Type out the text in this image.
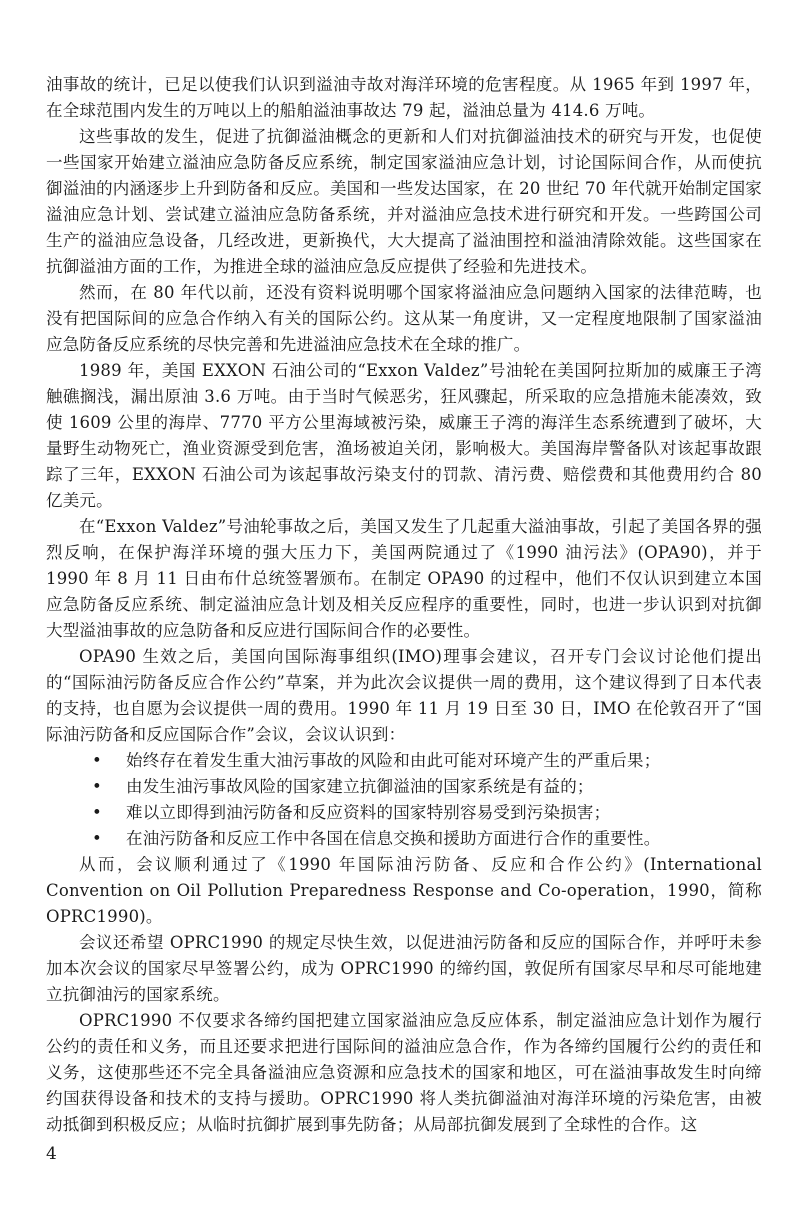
油事故的统计，已足以使我们认识到溢油寺故对海洋环境的危害程度。从 1965 年到 1997 年，在全球范围内发生的万吨以上的船舶溢油事故达 79 起，溢油总量为 414.6 万吨。

这些事故的发生，促进了抗御溢油概念的更新和人们对抗御溢油技术的研究与开发，也促使一些国家开始建立溢油应急防备反应系统，制定国家溢油应急计划，讨论国际间合作，从而使抗御溢油的内涵逐步上升到防备和反应。美国和一些发达国家，在 20 世纪 70 年代就开始制定国家溢油应急计划、尝试建立溢油应急防备系统，并对溢油应急技术进行研究和开发。一些跨国公司生产的溢油应急设备，几经改进，更新换代，大大提高了溢油围控和溢油清除效能。这些国家在抗御溢油方面的工作，为推进全球的溢油应急反应提供了经验和先进技术。

然而，在 80 年代以前，还没有资料说明哪个国家将溢油应急问题纳入国家的法律范畴，也没有把国际间的应急合作纳入有关的国际公约。这从某一角度讲，又一定程度地限制了国家溢油应急防备反应系统的尽快完善和先进溢油应急技术在全球的推广。

1989 年，美国 EXXON 石油公司的“Exxon Valdez”号油轮在美国阿拉斯加的威廉王子湾触礁搁浅，漏出原油 3.6 万吨。由于当时气候恶劣，狂风骤起，所采取的应急措施未能凑效，致使 1609 公里的海岸、7770 平方公里海域被污染，威廉王子湾的海洋生态系统遭到了破坏，大量野生动物死亡，渔业资源受到危害，渔场被迫关闭，影响极大。美国海岸警备队对该起事故跟踪了三年，EXXON 石油公司为该起事故污染支付的罚款、清污费、赔偿费和其他费用约合 80 亿美元。

在“Exxon Valdez”号油轮事故之后，美国又发生了几起重大溢油事故，引起了美国各界的强烈反响，在保护海洋环境的强大压力下，美国两院通过了《1990 油污法》(OPA90)，并于 1990 年 8 月 11 日由布什总统签署颁布。在制定 OPA90 的过程中，他们不仅认识到建立本国应急防备反应系统、制定溢油应急计划及相关反应程序的重要性，同时，也进一步认识到对抗御大型溢油事故的应急防备和反应进行国际间合作的必要性。

OPA90 生效之后，美国向国际海事组织(IMO)理事会建议，召开专门会议讨论他们提出的“国际油污防备反应合作公约”草案，并为此次会议提供一周的费用，这个建议得到了日本代表的支持，也自愿为会议提供一周的费用。1990 年 11 月 19 日至 30 日，IMO 在伦敦召开了“国际油污防备和反应国际合作”会议，会议认识到：

• 始终存在着发生重大油污事故的风险和由此可能对环境产生的严重后果；
• 由发生油污事故风险的国家建立抗御溢油的国家系统是有益的；
• 难以立即得到油污防备和反应资料的国家特别容易受到污染损害；
• 在油污防备和反应工作中各国在信息交换和援助方面进行合作的重要性。

从而，会议顺利通过了《1990 年国际油污防备、反应和合作公约》(International Convention on Oil Pollution Preparedness Response and Co-operation，1990，简称 OPRC1990)。

会议还希望 OPRC1990 的规定尽快生效，以促进油污防备和反应的国际合作，并呼吁未参加本次会议的国家尽早签署公约，成为 OPRC1990 的缔约国，敦促所有国家尽早和尽可能地建立抗御油污的国家系统。

OPRC1990 不仅要求各缔约国把建立国家溢油应急反应体系，制定溢油应急计划作为履行公约的责任和义务，而且还要求把进行国际间的溢油应急合作，作为各缔约国履行公约的责任和义务，这使那些还不完全具备溢油应急资源和应急技术的国家和地区，可在溢油事故发生时向缔约国获得设备和技术的支持与援助。OPRC1990 将人类抗御溢油对海洋环境的污染危害，由被动抵御到积极反应；从临时抗御扩展到事先防备；从局部抗御发展到了全球性的合作。这

4
